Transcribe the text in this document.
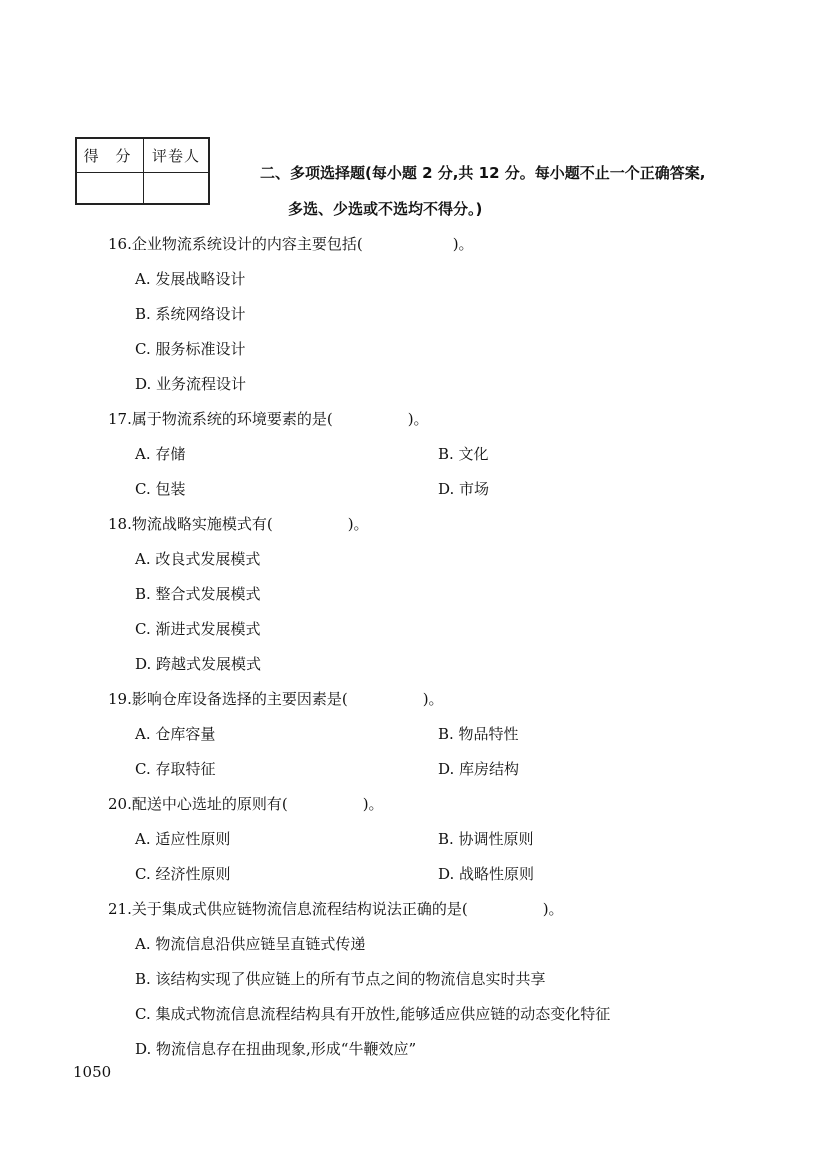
得 分	评卷人

二、多项选择题(每小题 2 分,共 12 分。每小题不止一个正确答案,
多选、少选或不选均不得分。)
16.企业物流系统设计的内容主要包括(　　　　　　)。
A. 发展战略设计
B. 系统网络设计
C. 服务标准设计
D. 业务流程设计
17.属于物流系统的环境要素的是(　　　　　)。
A. 存储	B. 文化
C. 包装	D. 市场
18.物流战略实施模式有(　　　　　)。
A. 改良式发展模式
B. 整合式发展模式
C. 渐进式发展模式
D. 跨越式发展模式
19.影响仓库设备选择的主要因素是(　　　　　)。
A. 仓库容量	B. 物品特性
C. 存取特征	D. 库房结构
20.配送中心选址的原则有(　　　　　)。
A. 适应性原则	B. 协调性原则
C. 经济性原则	D. 战略性原则
21.关于集成式供应链物流信息流程结构说法正确的是(　　　　　)。
A. 物流信息沿供应链呈直链式传递
B. 该结构实现了供应链上的所有节点之间的物流信息实时共享
C. 集成式物流信息流程结构具有开放性,能够适应供应链的动态变化特征
D. 物流信息存在扭曲现象,形成“牛鞭效应”
1050
